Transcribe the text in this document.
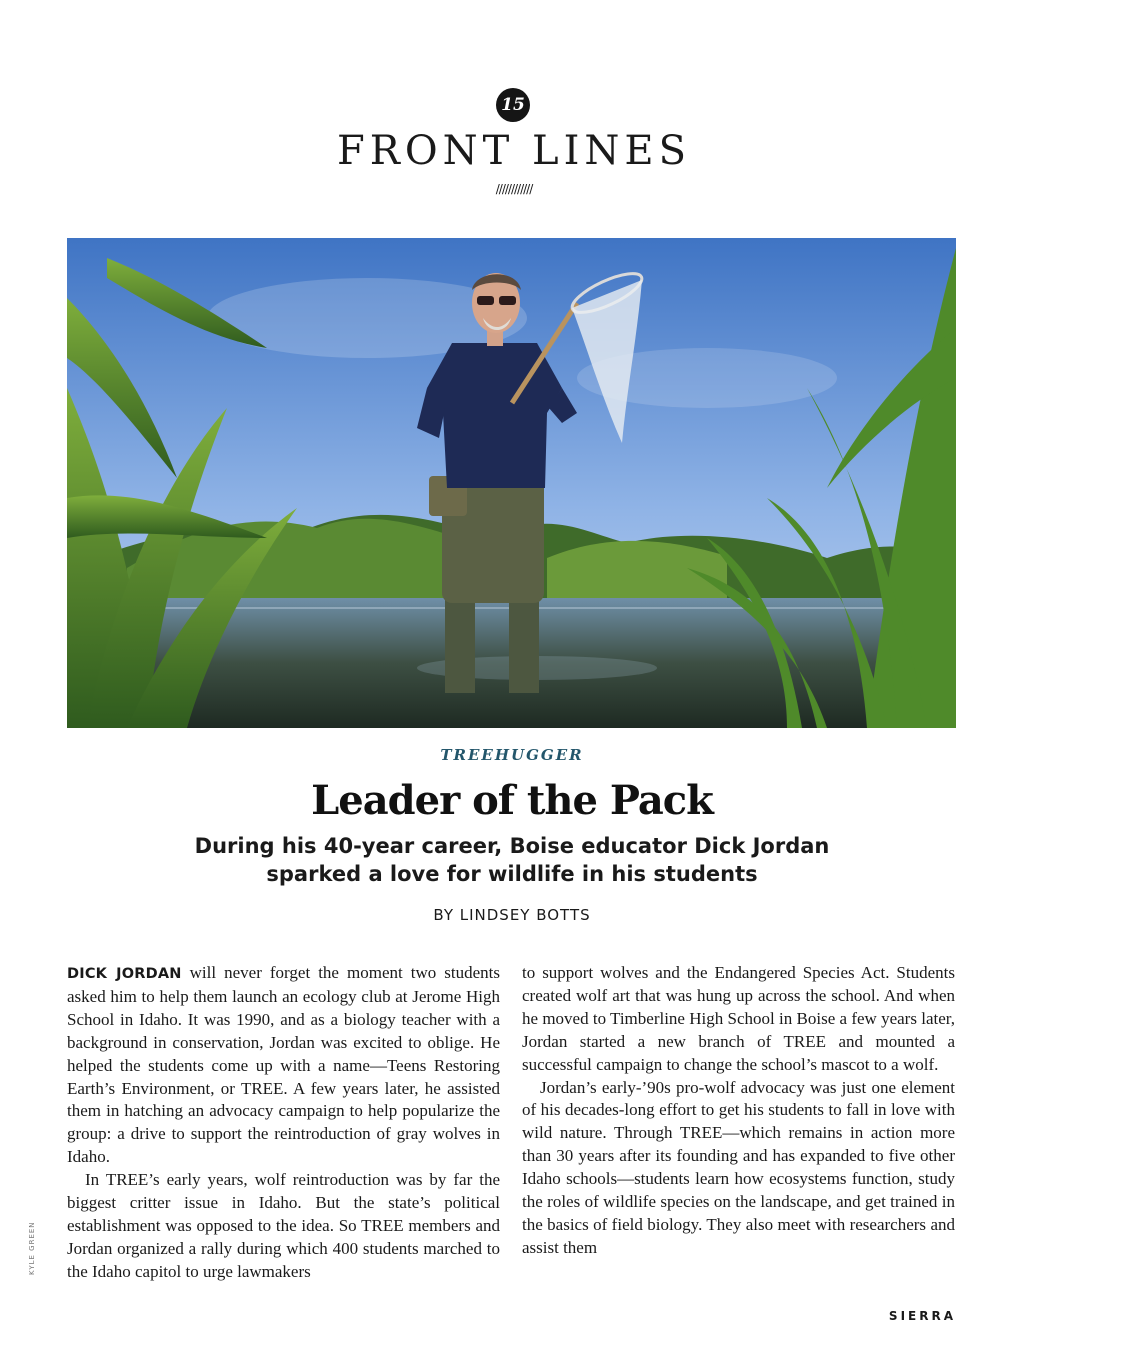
15
FRONT LINES
////////////
KYLE GREEN
TREEHUGGER
Leader of the Pack
During his 40-year career, Boise educator Dick Jordan sparked a love for wildlife in his students
BY LINDSEY BOTTS

DICK JORDAN will never forget the moment two students asked him to help them launch an ecology club at Jerome High School in Idaho. It was 1990, and as a biology teacher with a background in conservation, Jordan was excited to oblige. He helped the students come up with a name—Teens Restoring Earth’s Environment, or TREE. A few years later, he assisted them in hatching an advocacy campaign to help popularize the group: a drive to support the reintroduction of gray wolves in Idaho.

In TREE’s early years, wolf reintroduction was by far the biggest critter issue in Idaho. But the state’s political establishment was opposed to the idea. So TREE members and Jordan organized a rally during which 400 students marched to the Idaho capitol to urge lawmakers

to support wolves and the Endangered Species Act. Students created wolf art that was hung up across the school. And when he moved to Timberline High School in Boise a few years later, Jordan started a new branch of TREE and mounted a successful campaign to change the school’s mascot to a wolf.

Jordan’s early-’90s pro-wolf advocacy was just one element of his decades-long effort to get his students to fall in love with wild nature. Through TREE—which remains in action more than 30 years after its founding and has expanded to five other Idaho schools—students learn how ecosystems function, study the roles of wildlife species on the landscape, and get trained in the basics of field biology. They also meet with researchers and assist them

SIERRA
